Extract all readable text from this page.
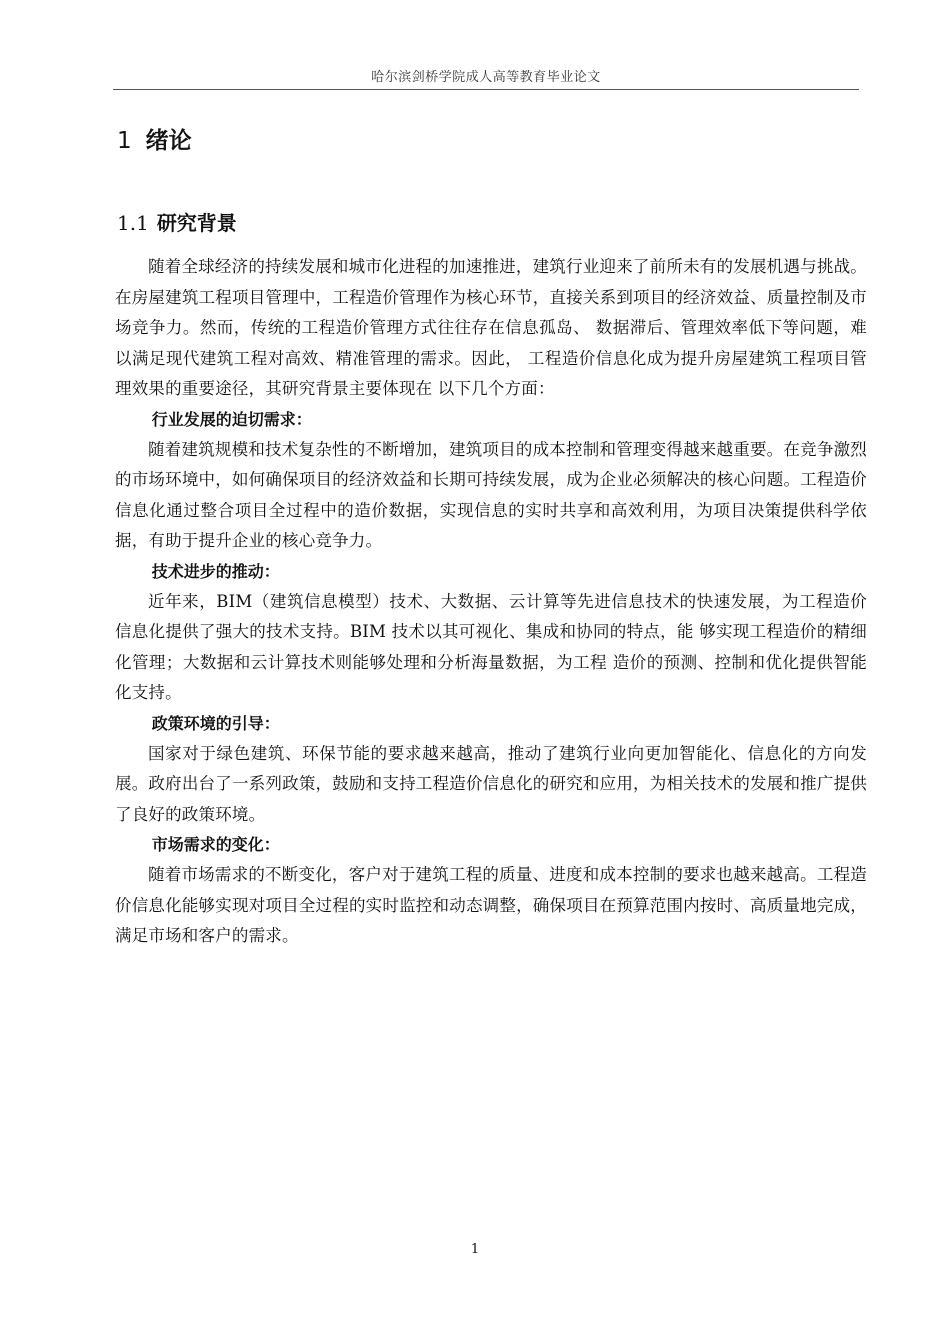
哈尔滨剑桥学院成人高等教育毕业论文
1 绪论
1.1 研究背景

随着全球经济的持续发展和城市化进程的加速推进，建筑行业迎来了前所未有的发展机遇与挑战。在房屋建筑工程项目管理中，工程造价管理作为核心环节，直接关系到项目的经济效益、质量控制及市场竞争力。然而，传统的工程造价管理方式往往存在信息孤岛、 数据滞后、管理效率低下等问题，难以满足现代建筑工程对高效、精准管理的需求。因此， 工程造价信息化成为提升房屋建筑工程项目管理效果的重要途径，其研究背景主要体现在 以下几个方面：

行业发展的迫切需求：

随着建筑规模和技术复杂性的不断增加，建筑项目的成本控制和管理变得越来越重要。在竞争激烈的市场环境中，如何确保项目的经济效益和长期可持续发展，成为企业必须解决的核心问题。工程造价信息化通过整合项目全过程中的造价数据，实现信息的实时共享和高效利用，为项目决策提供科学依据，有助于提升企业的核心竞争力。

技术进步的推动：

近年来，BIM（建筑信息模型）技术、大数据、云计算等先进信息技术的快速发展，为工程造价信息化提供了强大的技术支持。BIM 技术以其可视化、集成和协同的特点，能 够实现工程造价的精细化管理；大数据和云计算技术则能够处理和分析海量数据，为工程 造价的预测、控制和优化提供智能化支持。

政策环境的引导：

国家对于绿色建筑、环保节能的要求越来越高，推动了建筑行业向更加智能化、信息化的方向发展。政府出台了一系列政策，鼓励和支持工程造价信息化的研究和应用，为相关技术的发展和推广提供了良好的政策环境。

市场需求的变化：

随着市场需求的不断变化，客户对于建筑工程的质量、进度和成本控制的要求也越来越高。工程造价信息化能够实现对项目全过程的实时监控和动态调整，确保项目在预算范围内按时、高质量地完成，满足市场和客户的需求。

1
